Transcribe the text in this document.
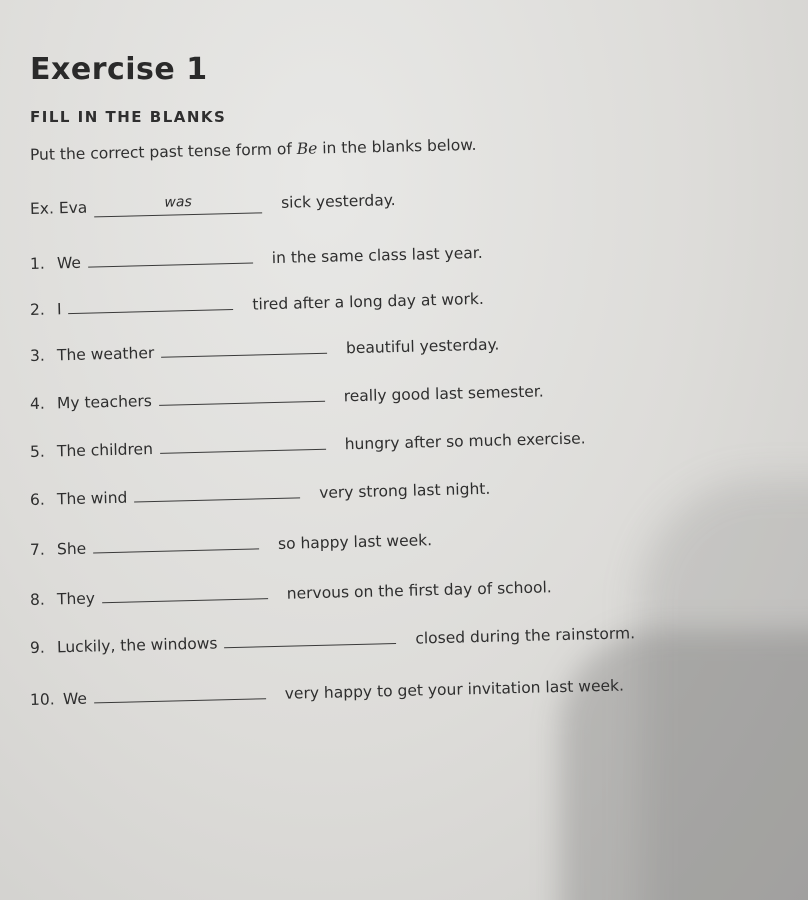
Exercise 1
FILL IN THE BLANKS
Put the correct past tense form of Be in the blanks below.
Ex. Eva	was	sick yesterday.
1. We	in the same class last year.
2. I	tired after a long day at work.
3. The weather	beautiful yesterday.
4. My teachers	really good last semester.
5. The children	hungry after so much exercise.
6. The wind	very strong last night.
7. She	so happy last week.
8. They	nervous on the first day of school.
9. Luckily, the windows	closed during the rainstorm.
10. We	very happy to get your invitation last week.
